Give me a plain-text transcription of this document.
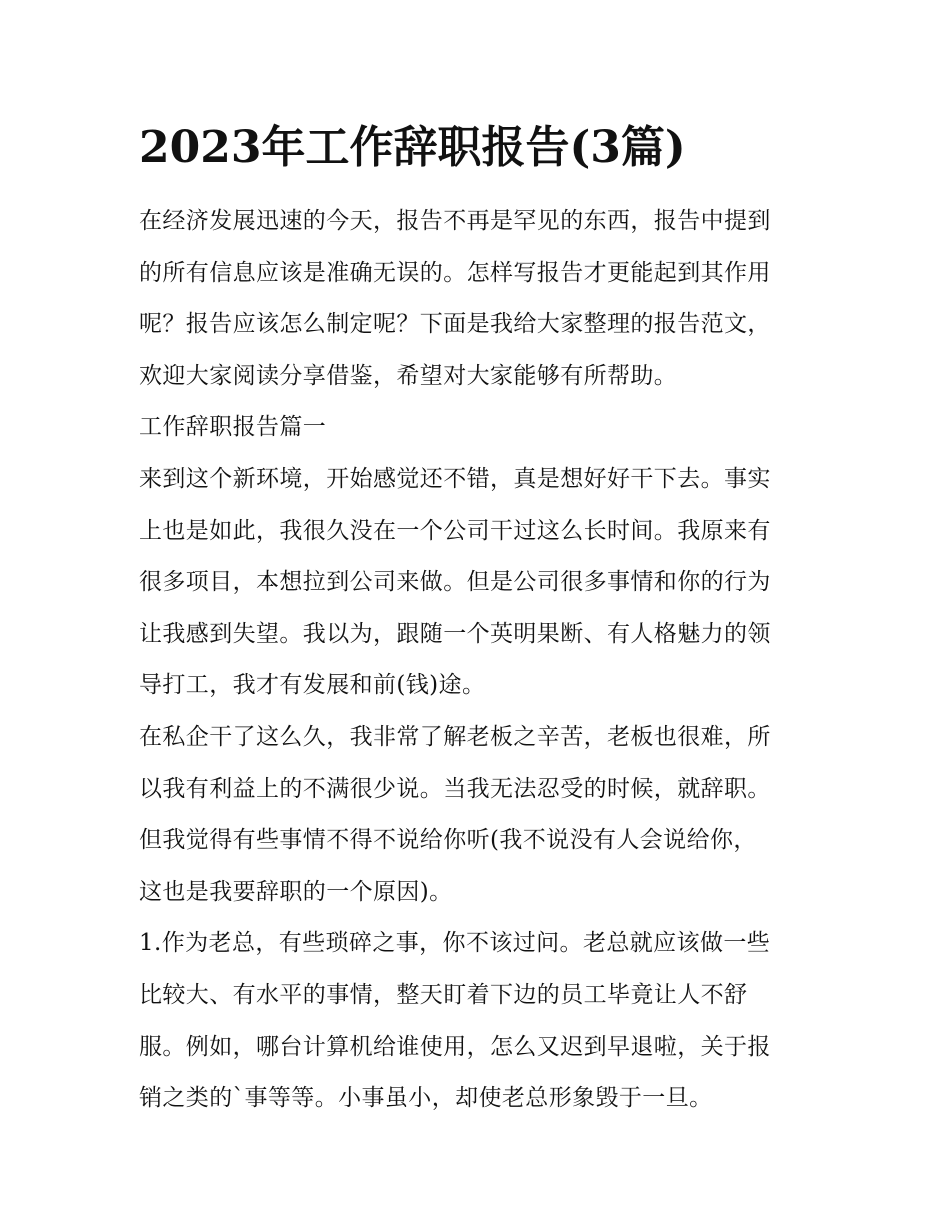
2023年工作辞职报告(3篇)

在经济发展迅速的今天，报告不再是罕见的东西，报告中提到
的所有信息应该是准确无误的。怎样写报告才更能起到其作用
呢？报告应该怎么制定呢？下面是我给大家整理的报告范文，
欢迎大家阅读分享借鉴，希望对大家能够有所帮助。

工作辞职报告篇一

来到这个新环境，开始感觉还不错，真是想好好干下去。事实
上也是如此，我很久没在一个公司干过这么长时间。我原来有
很多项目，本想拉到公司来做。但是公司很多事情和你的行为
让我感到失望。我以为，跟随一个英明果断、有人格魅力的领
导打工，我才有发展和前(钱)途。

在私企干了这么久，我非常了解老板之辛苦，老板也很难，所
以我有利益上的不满很少说。当我无法忍受的时候，就辞职。
但我觉得有些事情不得不说给你听(我不说没有人会说给你，
这也是我要辞职的一个原因)。

1.作为老总，有些琐碎之事，你不该过问。老总就应该做一些
比较大、有水平的事情，整天盯着下边的员工毕竟让人不舒
服。例如，哪台计算机给谁使用，怎么又迟到早退啦，关于报
销之类的`事等等。小事虽小，却使老总形象毁于一旦。
